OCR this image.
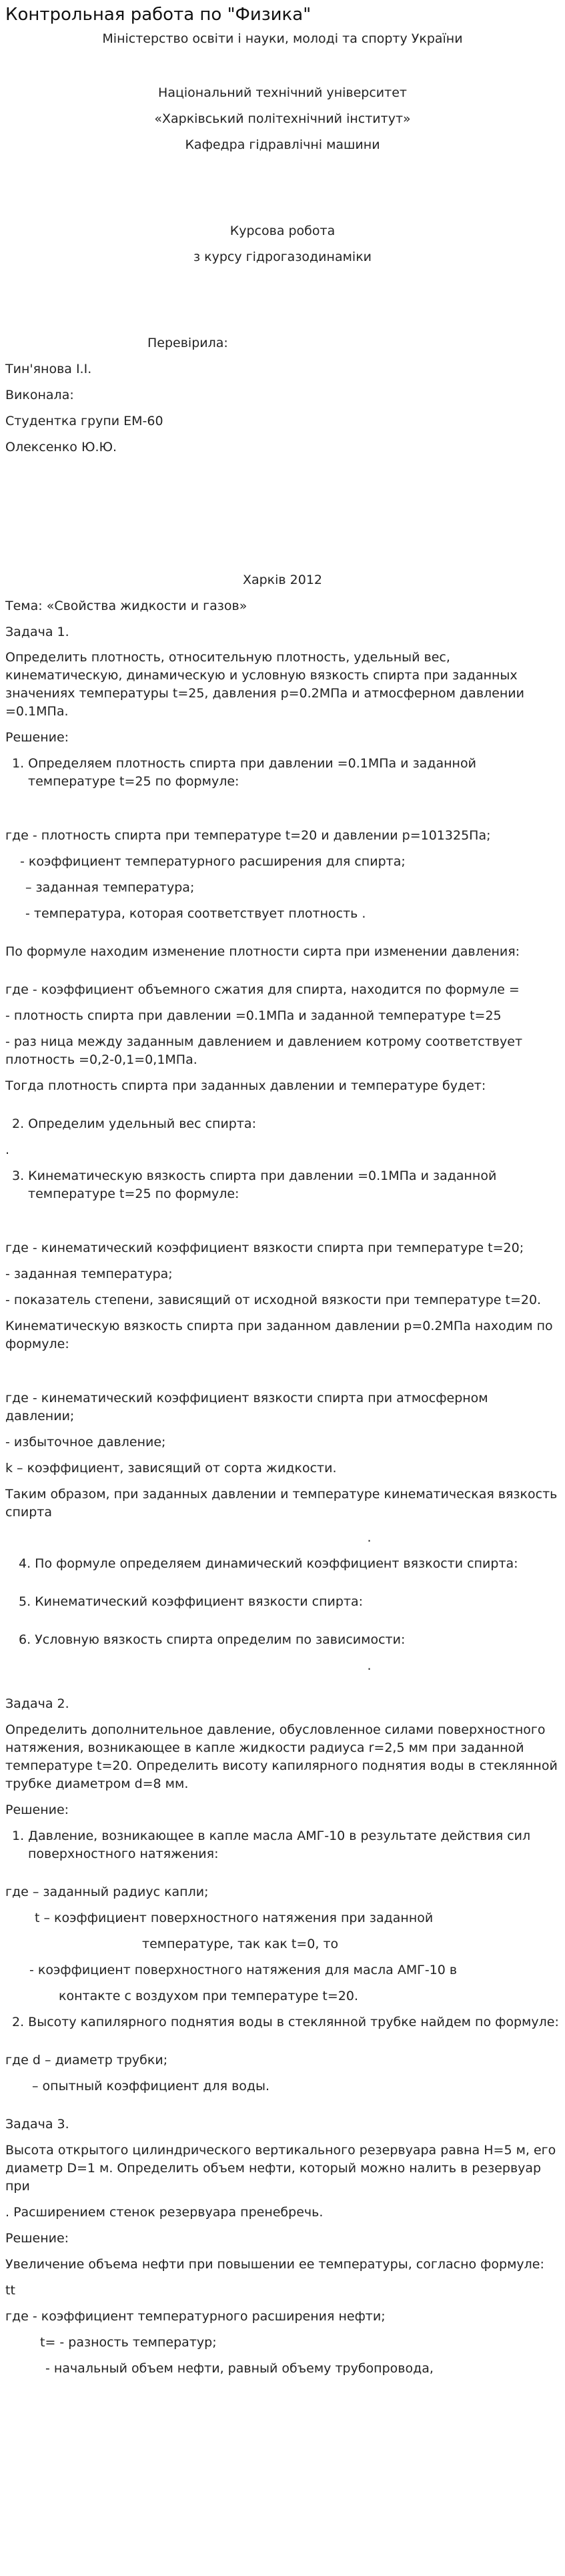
Контрольная работа по "Физика"

Міністерство освіти і науки, молоді та спорту України

Національний технічний університет

«Харківський політехнічний інститут»

Кафедра гідравлічні машини

Курсова робота

з курсу гідрогазодинаміки

Перевірила:

Тин'янова І.І.

Виконала:

Студентка групи ЕМ-60

Олексенко Ю.Ю.

Харків 2012

Тема: «Свойства жидкости и газов»

Задача 1.

Определить плотность, относительную плотность, удельный вес, кинематическую, динамическую и условную вязкость спирта при заданных значениях температуры t=25, давления p=0.2МПа и атмосферном давлении =0.1МПа.

Решение:

1. Определяем плотность спирта при давлении =0.1МПа и заданной температуре t=25 по формуле:

где - плотность спирта при температуре t=20 и давлении p=101325Па;

- коэффициент температурного расширения для спирта;

– заданная температура;

- температура, которая соответствует плотность .

По формуле находим изменение плотности сирта при изменении давления:

где - коэффициент объемного сжатия для спирта, находится по формуле =

- плотность спирта при давлении =0.1МПа и заданной температуре t=25

- раз ница между заданным давлением и давлением котрому соответствует плотность =0,2-0,1=0,1МПа.

Тогда плотность спирта при заданных давлении и температуре будет:

2. Определим удельный вес спирта:

.

3. Кинематическую вязкость спирта при давлении =0.1МПа и заданной температуре t=25 по формуле:

где - кинематический коэффициент вязкости спирта при температуре t=20;

- заданная температура;

- показатель степени, зависящий от исходной вязкости при температуре t=20.

Кинематическую вязкость спирта при заданном давлении p=0.2МПа находим по формуле:

где - кинематический коэффициент вязкости спирта при атмосферном давлении;

- избыточное давление;

k – коэффициент, зависящий от сорта жидкости.

Таким образом, при заданных давлении и температуре кинематическая вязкость спирта

.

4. По формуле определяем динамический коэффициент вязкости спирта:

5. Кинематический коэффициент вязкости спирта:

6. Условную вязкость спирта определим по зависимости:

.

Задача 2.

Определить дополнительное давление, обусловленное силами поверхностного натяжения, возникающее в капле жидкости радиуса r=2,5 мм при заданной температуре t=20. Определить висоту капилярного поднятия воды в стеклянной трубке диаметром d=8 мм.

Решение:

1. Давление, возникающее в капле масла АМГ-10 в результате действия сил поверхностного натяжения:

где – заданный радиус капли;

t – коэффициент поверхностного натяжения при заданной

температуре, так как t=0, то

- коэффициент поверхностного натяжения для масла АМГ-10 в

контакте с воздухом при температуре t=20.

2. Высоту капилярного поднятия воды в стеклянной трубке найдем по формуле:

где d – диаметр трубки;

– опытный коэффициент для воды.

Задача 3.

Высота открытого цилиндрического вертикального резервуара равна H=5 м, его диаметр D=1 м. Определить объем нефти, который можно налить в резервуар при

. Расширением стенок резервуара пренебречь.

Решение:

Увеличение объема нефти при повышении ее температуры, согласно формуле:

tt

где - коэффициент температурного расширения нефти;

t= - разность температур;

- начальный объем нефти, равный объему трубопровода,
